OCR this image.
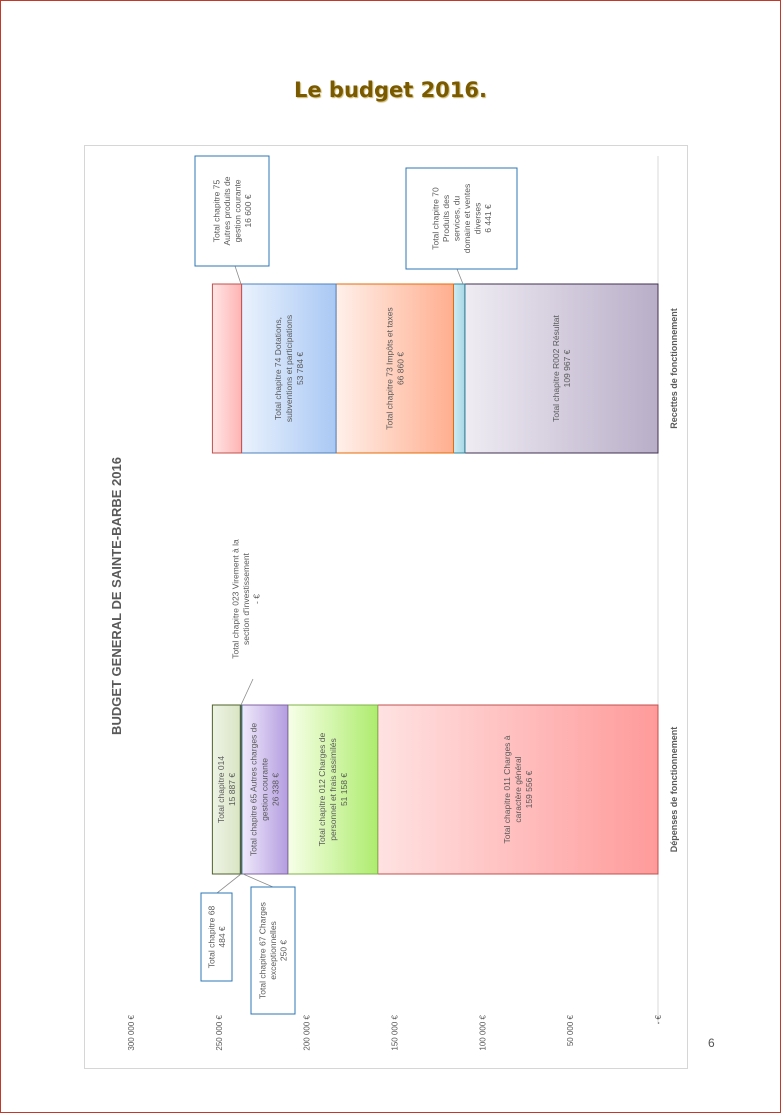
Le budget 2016.
BUDGET GENERAL DE SAINTE-BARBE 2016
- €
50 000 €
100 000 €
150 000 €
200 000 €
250 000 €
300 000 €
Total chapitre 011 Charges àcaractère général159 556 €
Total chapitre 012 Charges depersonnel et frais assimilés51 158 €
Total chapitre 65 Autres charges degestion courante26 338 €
Total chapitre 01415 887 €	Dépenses de fonctionnement
Total chapitre R002 Résultat109 967 €
Total chapitre 73 Impôts et taxes66 860 €
Total chapitre 74 Dotations,subventions et participations53 784 €	Recettes de fonctionnement
Total chapitre 75Autres produits degestion courante16 600 €	Total chapitre 70Produits desservices, dudomaine et ventesdiverses6 441 €
Total chapitre 023 Virement à lasection d'investissement- €
Total chapitre 68484 €	Total chapitre 67 Chargesexceptionnelles250 €
6
